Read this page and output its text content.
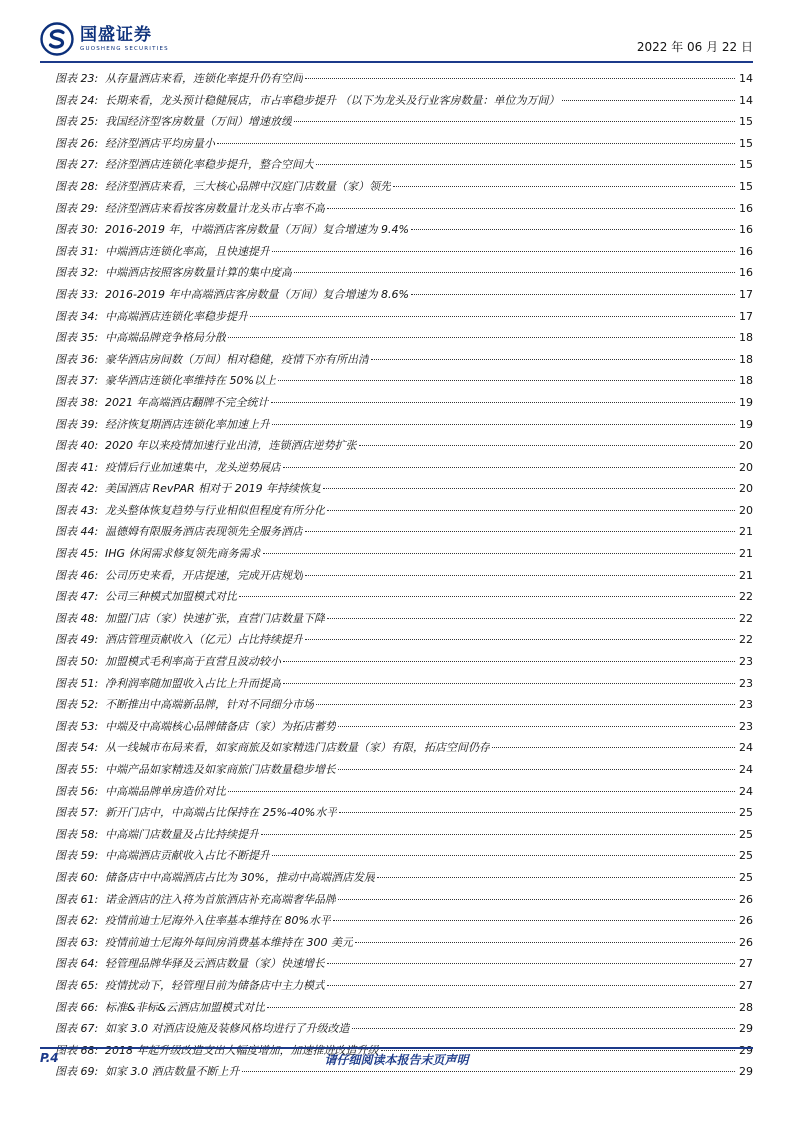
国盛证券
GUOSHENG SECURITIES	2022 年 06 月 22 日
图表 23: 从存量酒店来看，连锁化率提升仍有空间	14
图表 24: 长期来看，龙头预计稳健展店，市占率稳步提升 （以下为龙头及行业客房数量：单位为万间）	14
图表 25: 我国经济型客房数量（万间）增速放缓	15
图表 26: 经济型酒店平均房量小	15
图表 27: 经济型酒店连锁化率稳步提升，整合空间大	15
图表 28: 经济型酒店来看，三大核心品牌中汉庭门店数量（家）领先	15
图表 29: 经济型酒店来看按客房数量计龙头市占率不高	16
图表 30: 2016-2019 年，中端酒店客房数量（万间）复合增速为 9.4%	16
图表 31: 中端酒店连锁化率高，且快速提升	16
图表 32: 中端酒店按照客房数量计算的集中度高	16
图表 33: 2016-2019 年中高端酒店客房数量（万间）复合增速为 8.6%	17
图表 34: 中高端酒店连锁化率稳步提升	17
图表 35: 中高端品牌竞争格局分散	18
图表 36: 豪华酒店房间数（万间）相对稳健，疫情下亦有所出清	18
图表 37: 豪华酒店连锁化率维持在 50%以上	18
图表 38: 2021 年高端酒店翻牌不完全统计	19
图表 39: 经济恢复期酒店连锁化率加速上升	19
图表 40: 2020 年以来疫情加速行业出清，连锁酒店逆势扩张	20
图表 41: 疫情后行业加速集中，龙头逆势展店	20
图表 42: 美国酒店 RevPAR 相对于 2019 年持续恢复	20
图表 43: 龙头整体恢复趋势与行业相似但程度有所分化	20
图表 44: 温德姆有限服务酒店表现领先全服务酒店	21
图表 45: IHG 休闲需求修复领先商务需求	21
图表 46: 公司历史来看，开店提速，完成开店规划	21
图表 47: 公司三种模式加盟模式对比	22
图表 48: 加盟门店（家）快速扩张，直营门店数量下降	22
图表 49: 酒店管理贡献收入（亿元）占比持续提升	22
图表 50: 加盟模式毛利率高于直营且波动较小	23
图表 51: 净利润率随加盟收入占比上升而提高	23
图表 52: 不断推出中高端新品牌，针对不同细分市场	23
图表 53: 中端及中高端核心品牌储备店（家）为拓店蓄势	23
图表 54: 从一线城市布局来看，如家商旅及如家精选门店数量（家）有限，拓店空间仍存	24
图表 55: 中端产品如家精选及如家商旅门店数量稳步增长	24
图表 56: 中高端品牌单房造价对比	24
图表 57: 新开门店中，中高端占比保持在 25%-40%水平	25
图表 58: 中高端门店数量及占比持续提升	25
图表 59: 中高端酒店贡献收入占比不断提升	25
图表 60: 储备店中中高端酒店占比为 30%，推动中高端酒店发展	25
图表 61: 诺金酒店的注入将为首旅酒店补充高端奢华品牌	26
图表 62: 疫情前迪士尼海外入住率基本维持在 80%水平	26
图表 63: 疫情前迪士尼海外每间房消费基本维持在 300 美元	26
图表 64: 轻管理品牌华驿及云酒店数量（家）快速增长	27
图表 65: 疫情扰动下，轻管理目前为储备店中主力模式	27
图表 66: 标准&非标&云酒店加盟模式对比	28
图表 67: 如家 3.0 对酒店设施及装修风格均进行了升级改造	29
图表 68: 2018 年起升级改造支出大幅度增加，加速推进改造升级	29
图表 69: 如家 3.0 酒店数量不断上升	29
P.4	请仔细阅读本报告末页声明
